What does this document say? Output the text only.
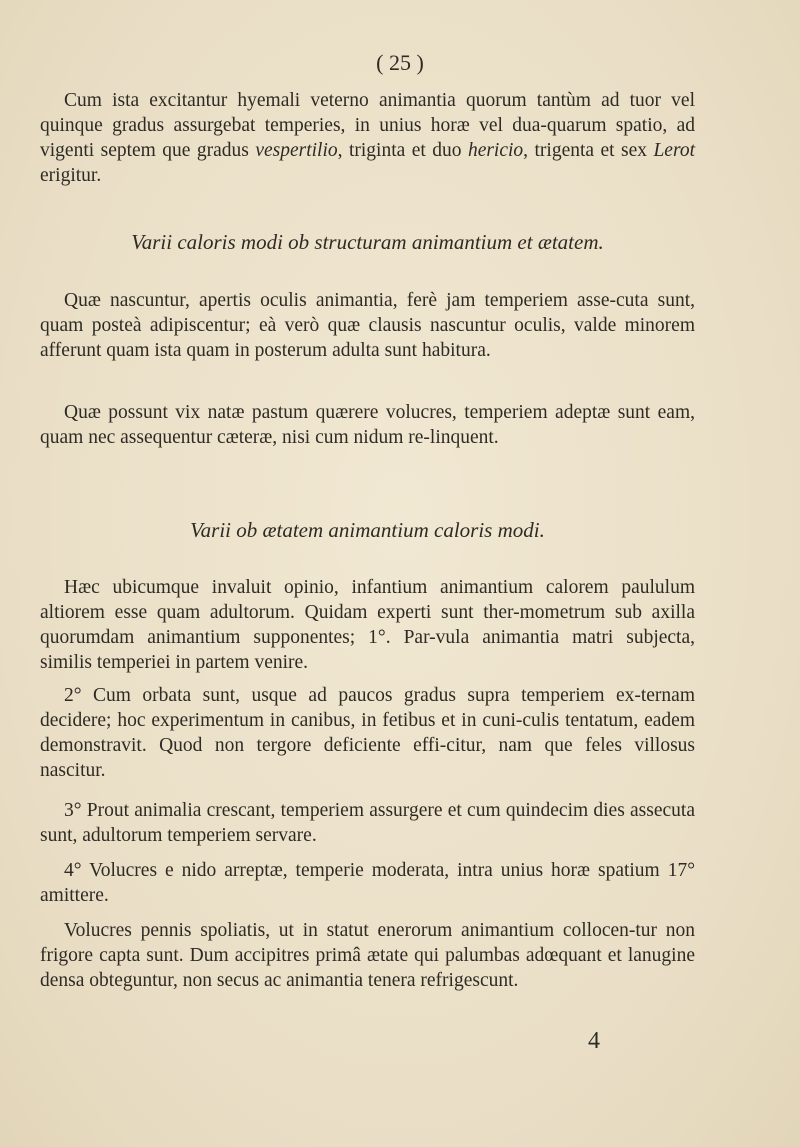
( 25 )

Cum ista excitantur hyemali veterno animantia quorum tantùm ad tuor vel quinque gradus assurgebat temperies, in unius horæ vel dua-quarum spatio, ad vigenti septem que gradus vespertilio, triginta et duo hericio, trigenta et sex Lerot erigitur.

Varii caloris modi ob structuram animantium et ætatem.

Quæ nascuntur, apertis oculis animantia, ferè jam temperiem asse-cuta sunt, quam posteà adipiscentur; eà verò quæ clausis nascuntur oculis, valde minorem afferunt quam ista quam in posterum adulta sunt habitura.

Quæ possunt vix natæ pastum quærere volucres, temperiem adeptæ sunt eam, quam nec assequentur cæteræ, nisi cum nidum re-linquent.

Varii ob ætatem animantium caloris modi.

Hæc ubicumque invaluit opinio, infantium animantium calorem paululum altiorem esse quam adultorum. Quidam experti sunt ther-mometrum sub axilla quorumdam animantium supponentes; 1°. Par-vula animantia matri subjecta, similis temperiei in partem venire.

2° Cum orbata sunt, usque ad paucos gradus supra temperiem ex-ternam decidere; hoc experimentum in canibus, in fetibus et in cuni-culis tentatum, eadem demonstravit. Quod non tergore deficiente effi-citur, nam que feles villosus nascitur.

3° Prout animalia crescant, temperiem assurgere et cum quindecim dies assecuta sunt, adultorum temperiem servare.

4° Volucres e nido arreptæ, temperie moderata, intra unius horæ spatium 17° amittere.

Volucres pennis spoliatis, ut in statut enerorum animantium collocen-tur non frigore capta sunt. Dum accipitres primâ ætate qui palumbas adœquant et lanugine densa obteguntur, non secus ac animantia tenera refrigescunt.

4
